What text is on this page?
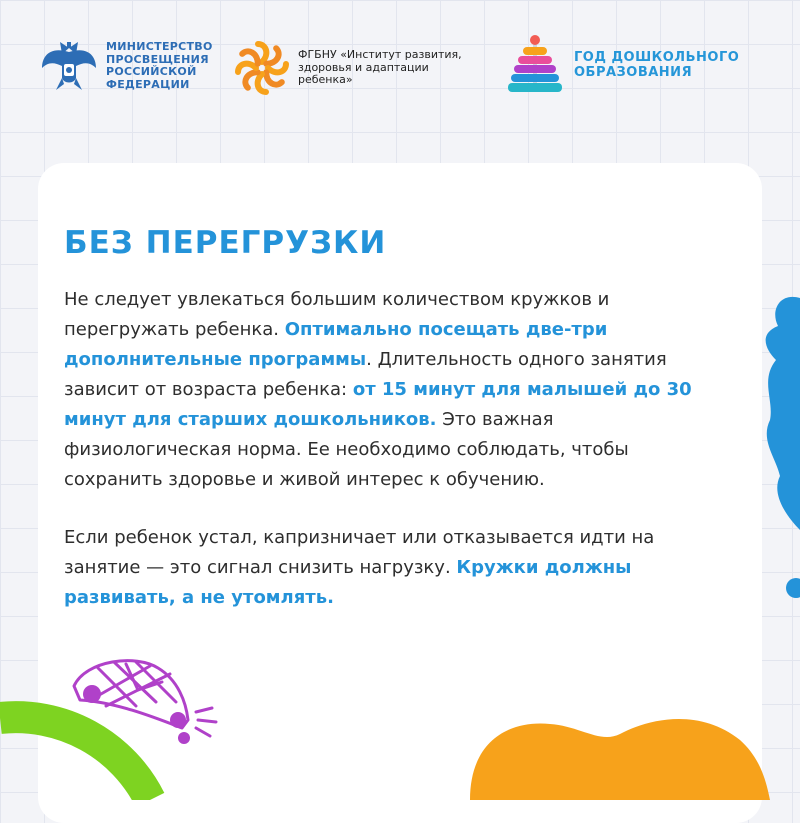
МИНИСТЕРСТВО
ПРОСВЕЩЕНИЯ
РОССИЙСКОЙ
ФЕДЕРАЦИИ
ФГБНУ «Институт развития,
здоровья и адаптации
ребенка»
ГОД ДОШКОЛЬНОГО
ОБРАЗОВАНИЯ
БЕЗ ПЕРЕГРУЗКИ

Не следует увлекаться большим количеством кружков и перегружать ребенка. Оптимально посещать две-три дополнительные программы. Длительность одного занятия зависит от возраста ребенка: от 15 минут для малышей до 30 минут для старших дошкольников. Это важная физиологическая норма. Ее необходимо соблюдать, чтобы сохранить здоровье и живой интерес к обучению.

Если ребенок устал, капризничает или отказывается идти на занятие — это сигнал снизить нагрузку. Кружки должны развивать, а не утомлять.
